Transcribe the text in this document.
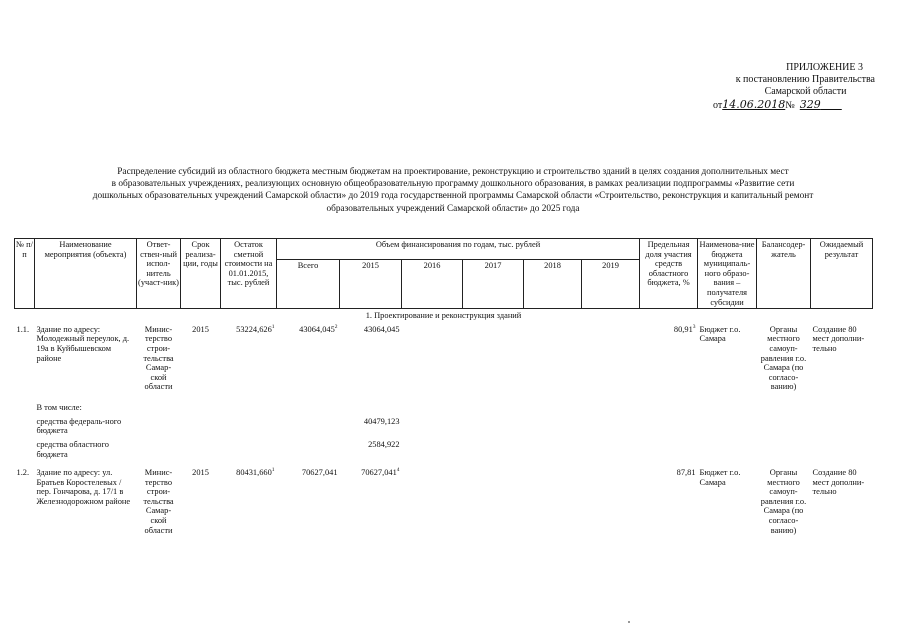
ПРИЛОЖЕНИЕ 3
к постановлению Правительства
Самарской области
от14.06.2018№ 329
Распределение субсидий из областного бюджета местным бюджетам на проектирование, реконструкцию и строительство зданий в целях создания дополнительных мест
в образовательных учреждениях, реализующих основную общеобразовательную программу дошкольного образования, в рамках реализации подпрограммы «Развитие сети
дошкольных образовательных учреждений Самарской области» до 2019 года государственной программы Самарской области «Строительство, реконструкция и капитальный ремонт
образовательных учреждений Самарской области» до 2025 года
№ п/п	Наименование мероприятия (объекта)	Ответ-ствен-ный испол-нитель (участ-ник)	Срок реализа-ции, годы	Остаток сметной стоимости на 01.01.2015, тыс. рублей	Объем финансирования по годам, тыс. рублей						Предельная доля участия средств областного бюджета, %	Наименова-ние бюджета муниципаль-ного образо-вания – получателя субсидии	Балансодер-жатель	Ожидаемый результат
					Всего	2015	2016	2017	2018	2019				
1. Проектирование и реконструкция зданий														
1.1.	Здание по адресу: Молодежный переулок, д. 19а в Куйбышевском районе	Минис-терство строи-тельства Самар-ской области	2015	53224,626$^1$	43064,045$^2$	43064,045					80,91$^3$	Бюджет г.о. Самара	Органы местного самоуп-равления г.о. Самара (по согласо-ванию)	Создание 80 мест дополни-тельно
	В том числе:													
	средства федераль-ного бюджета					40479,123								
	средства областного бюджета					2584,922								
1.2.	Здание по адресу: ул. Братьев Коростелевых / пер. Гончарова, д. 17/1 в Железнодорожном районе	Минис-терство строи-тельства Самар-ской области	2015	80431,660$^1$	70627,041	70627,041$^4$					87,81	Бюджет г.о. Самара	Органы местного самоуп-равления г.о. Самара (по согласо-ванию)	Создание 80 мест дополни-тельно
